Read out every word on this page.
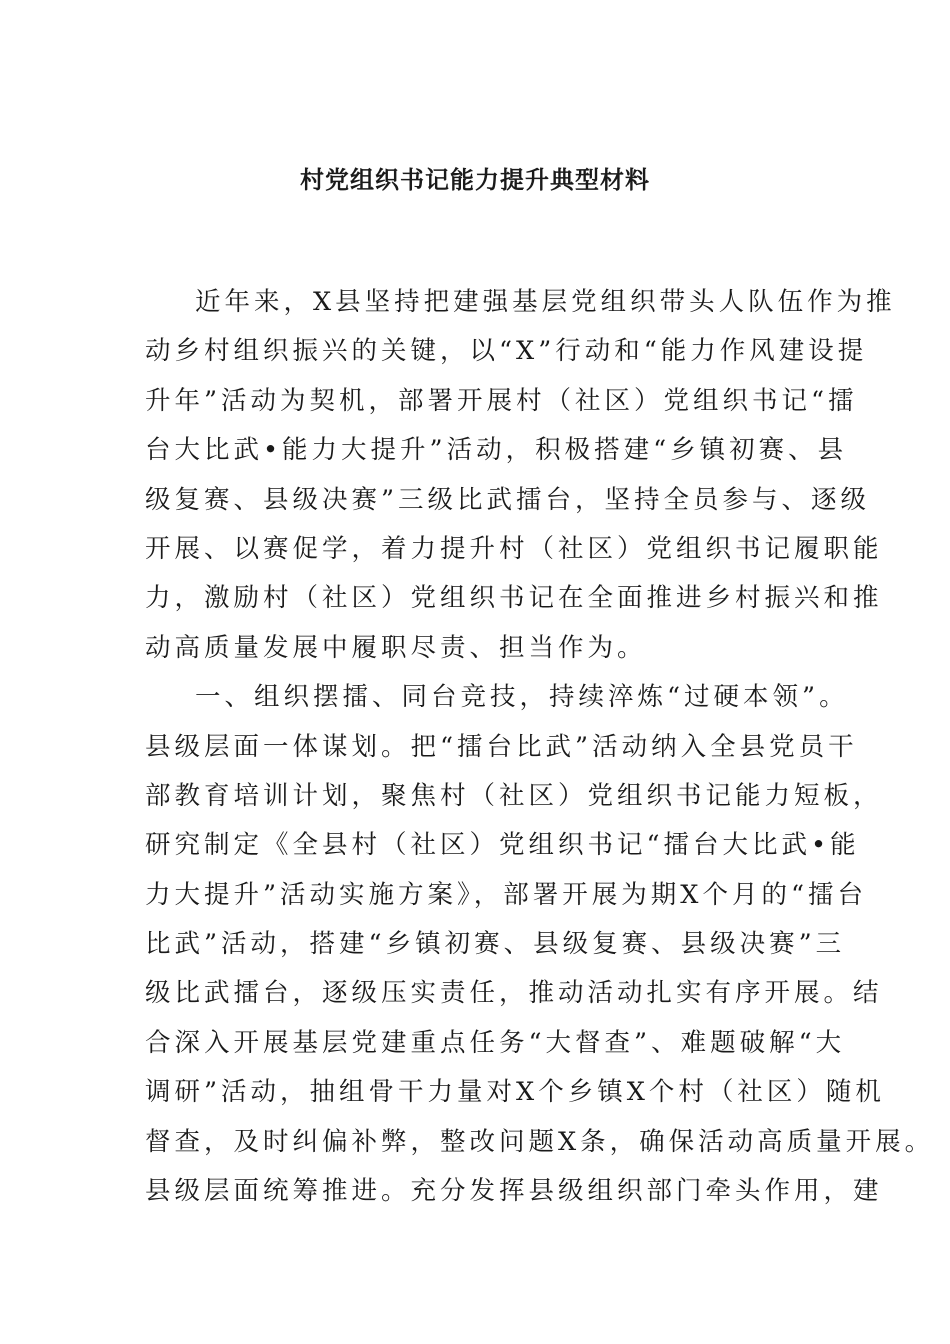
村党组织书记能力提升典型材料
近年来，X县坚持把建强基层党组织带头人队伍作为推
动乡村组织振兴的关键，以“X”行动和“能力作风建设提
升年”活动为契机，部署开展村（社区）党组织书记“擂
台大比武•能力大提升”活动，积极搭建“乡镇初赛、县
级复赛、县级决赛”三级比武擂台，坚持全员参与、逐级
开展、以赛促学，着力提升村（社区）党组织书记履职能
力，激励村（社区）党组织书记在全面推进乡村振兴和推
动高质量发展中履职尽责、担当作为。
一、组织摆擂、同台竞技，持续淬炼“过硬本领”。
县级层面一体谋划。把“擂台比武”活动纳入全县党员干
部教育培训计划，聚焦村（社区）党组织书记能力短板，
研究制定《全县村（社区）党组织书记“擂台大比武•能
力大提升”活动实施方案》，部署开展为期X个月的“擂台
比武”活动，搭建“乡镇初赛、县级复赛、县级决赛”三
级比武擂台，逐级压实责任，推动活动扎实有序开展。结
合深入开展基层党建重点任务“大督查”、难题破解“大
调研”活动，抽组骨干力量对X个乡镇X个村（社区）随机
督查，及时纠偏补弊，整改问题X条，确保活动高质量开展。
县级层面统筹推进。充分发挥县级组织部门牵头作用，建
